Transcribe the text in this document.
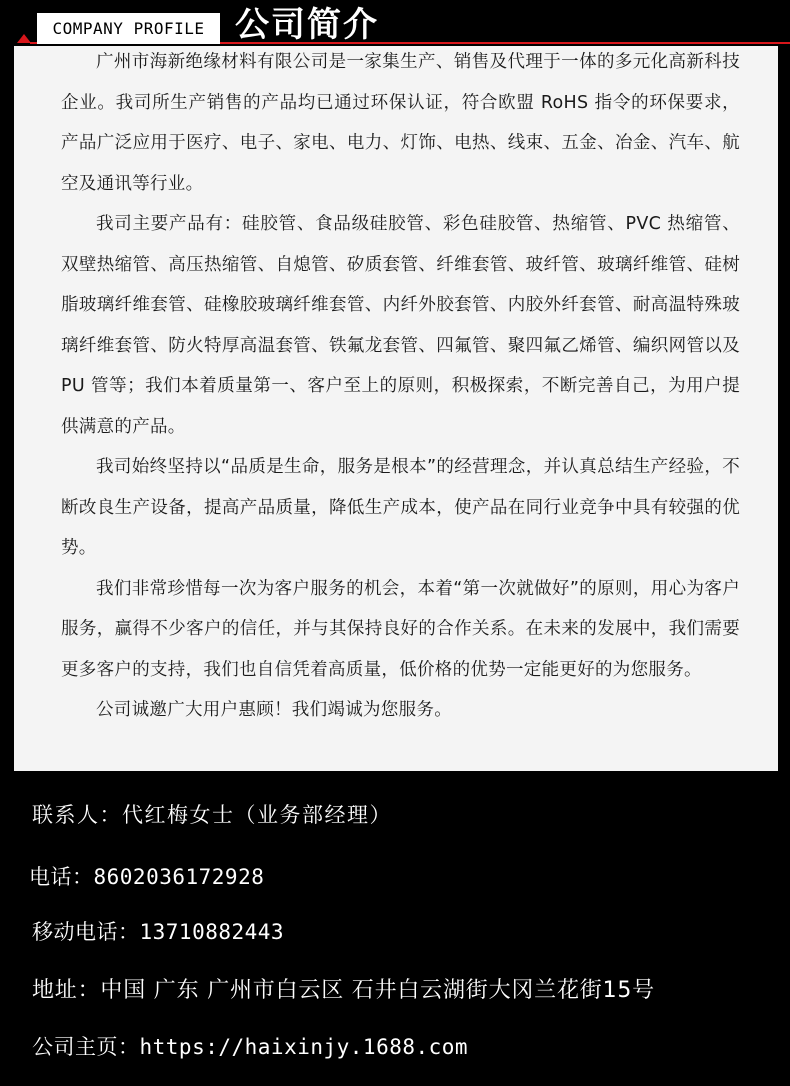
COMPANY PROFILE 公司简介

广州市海新绝缘材料有限公司是一家集生产、销售及代理于一体的多元化高新科技企业。我司所生产销售的产品均已通过环保认证，符合欧盟 RoHS 指令的环保要求，产品广泛应用于医疗、电子、家电、电力、灯饰、电热、线束、五金、冶金、汽车、航空及通讯等行业。

我司主要产品有：硅胶管、食品级硅胶管、彩色硅胶管、热缩管、PVC 热缩管、双壁热缩管、高压热缩管、自熄管、矽质套管、纤维套管、玻纤管、玻璃纤维管、硅树脂玻璃纤维套管、硅橡胶玻璃纤维套管、内纤外胶套管、内胶外纤套管、耐高温特殊玻璃纤维套管、防火特厚高温套管、铁氟龙套管、四氟管、聚四氟乙烯管、编织网管以及 PU 管等；我们本着质量第一、客户至上的原则，积极探索，不断完善自己，为用户提供满意的产品。

我司始终坚持以“品质是生命，服务是根本”的经营理念，并认真总结生产经验，不断改良生产设备，提高产品质量，降低生产成本，使产品在同行业竞争中具有较强的优势。

我们非常珍惜每一次为客户服务的机会，本着“第一次就做好”的原则，用心为客户服务，赢得不少客户的信任，并与其保持良好的合作关系。在未来的发展中，我们需要更多客户的支持，我们也自信凭着高质量，低价格的优势一定能更好的为您服务。

公司诚邀广大用户惠顾！我们竭诚为您服务。

联系人：代红梅女士（业务部经理）
电话：8602036172928
移动电话：13710882443
地址：中国 广东 广州市白云区 石井白云湖街大冈兰花街15号
公司主页：https://haixinjy.1688.com
